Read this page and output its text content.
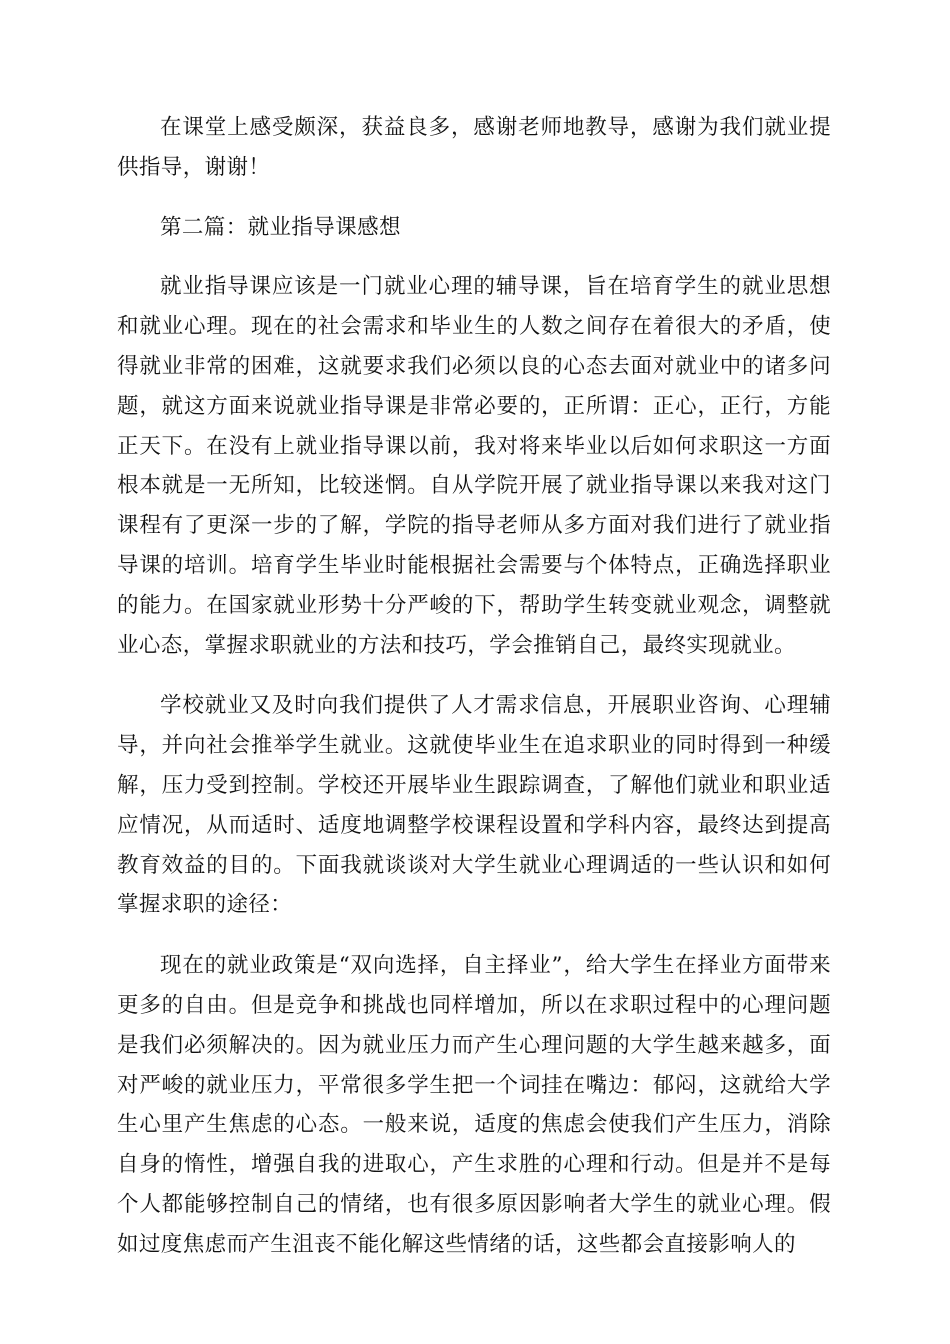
在课堂上感受颇深，获益良多，感谢老师地教导，感谢为我们就业提供指导，谢谢！

第二篇：就业指导课感想

就业指导课应该是一门就业心理的辅导课，旨在培育学生的就业思想和就业心理。现在的社会需求和毕业生的人数之间存在着很大的矛盾，使得就业非常的困难，这就要求我们必须以良的心态去面对就业中的诸多问题，就这方面来说就业指导课是非常必要的，正所谓：正心，正行，方能正天下。在没有上就业指导课以前，我对将来毕业以后如何求职这一方面根本就是一无所知，比较迷惘。自从学院开展了就业指导课以来我对这门课程有了更深一步的了解，学院的指导老师从多方面对我们进行了就业指导课的培训。培育学生毕业时能根据社会需要与个体特点，正确选择职业的能力。在国家就业形势十分严峻的下，帮助学生转变就业观念，调整就业心态，掌握求职就业的方法和技巧，学会推销自己，最终实现就业。

学校就业又及时向我们提供了人才需求信息，开展职业咨询、心理辅导，并向社会推举学生就业。这就使毕业生在追求职业的同时得到一种缓解，压力受到控制。学校还开展毕业生跟踪调查，了解他们就业和职业适应情况，从而适时、适度地调整学校课程设置和学科内容，最终达到提高教育效益的目的。下面我就谈谈对大学生就业心理调适的一些认识和如何掌握求职的途径：

现在的就业政策是“双向选择，自主择业”，给大学生在择业方面带来更多的自由。但是竞争和挑战也同样增加，所以在求职过程中的心理问题是我们必须解决的。因为就业压力而产生心理问题的大学生越来越多，面对严峻的就业压力，平常很多学生把一个词挂在嘴边：郁闷，这就给大学生心里产生焦虑的心态。一般来说，适度的焦虑会使我们产生压力，消除自身的惰性，增强自我的进取心，产生求胜的心理和行动。但是并不是每个人都能够控制自己的情绪，也有很多原因影响者大学生的就业心理。假如过度焦虑而产生沮丧不能化解这些情绪的话，这些都会直接影响人的
